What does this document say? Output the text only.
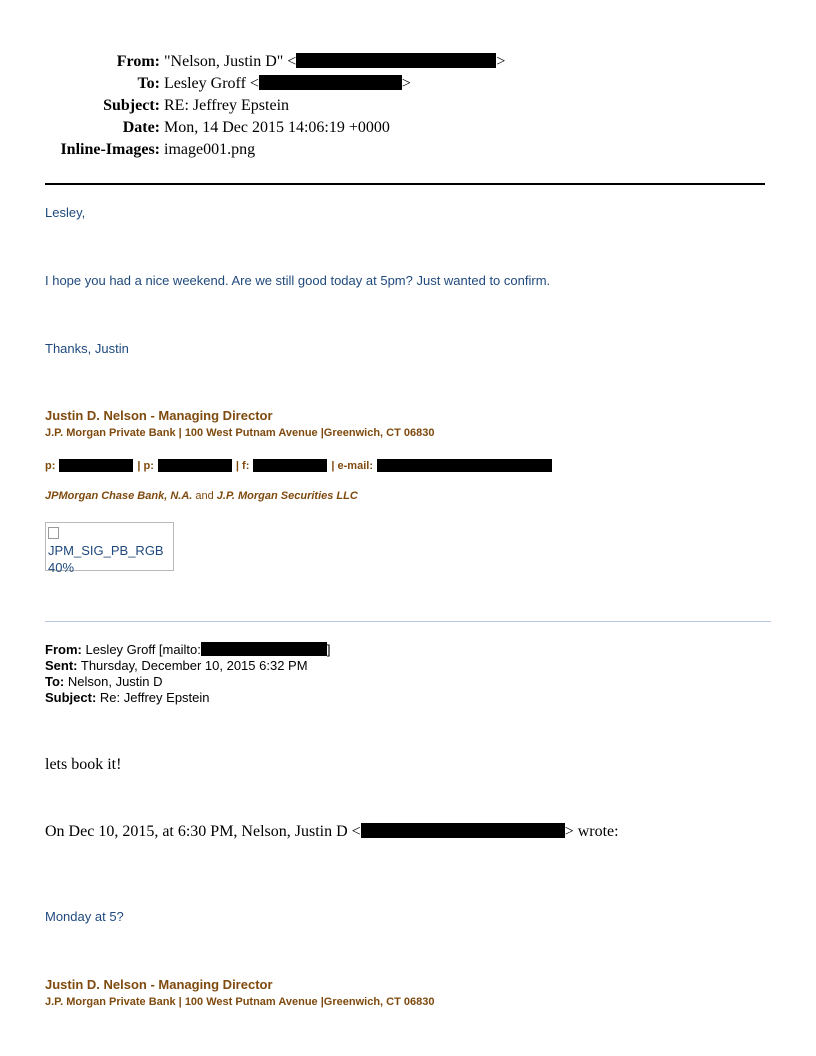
From: "Nelson, Justin D" <	>
To: Lesley Groff <	>
Subject: RE: Jeffrey Epstein
Date: Mon, 14 Dec 2015 14:06:19 +0000
Inline-Images: image001.png
Lesley,
I hope you had a nice weekend. Are we still good today at 5pm? Just wanted to confirm.
Thanks, Justin
Justin D. Nelson - Managing Director
J.P. Morgan Private Bank | 100 West Putnam Avenue |Greenwich, CT 06830
p:	| p:	| f:	| e-mail:
JPMorgan Chase Bank, N.A. and J.P. Morgan Securities LLC
JPM_SIG_PB_RGB 40%
From: Lesley Groff [mailto:	]
Sent: Thursday, December 10, 2015 6:32 PM
To: Nelson, Justin D
Subject: Re: Jeffrey Epstein
lets book it!
On Dec 10, 2015, at 6:30 PM, Nelson, Justin D <	> wrote:
Monday at 5?
Justin D. Nelson - Managing Director
J.P. Morgan Private Bank | 100 West Putnam Avenue |Greenwich, CT 06830
